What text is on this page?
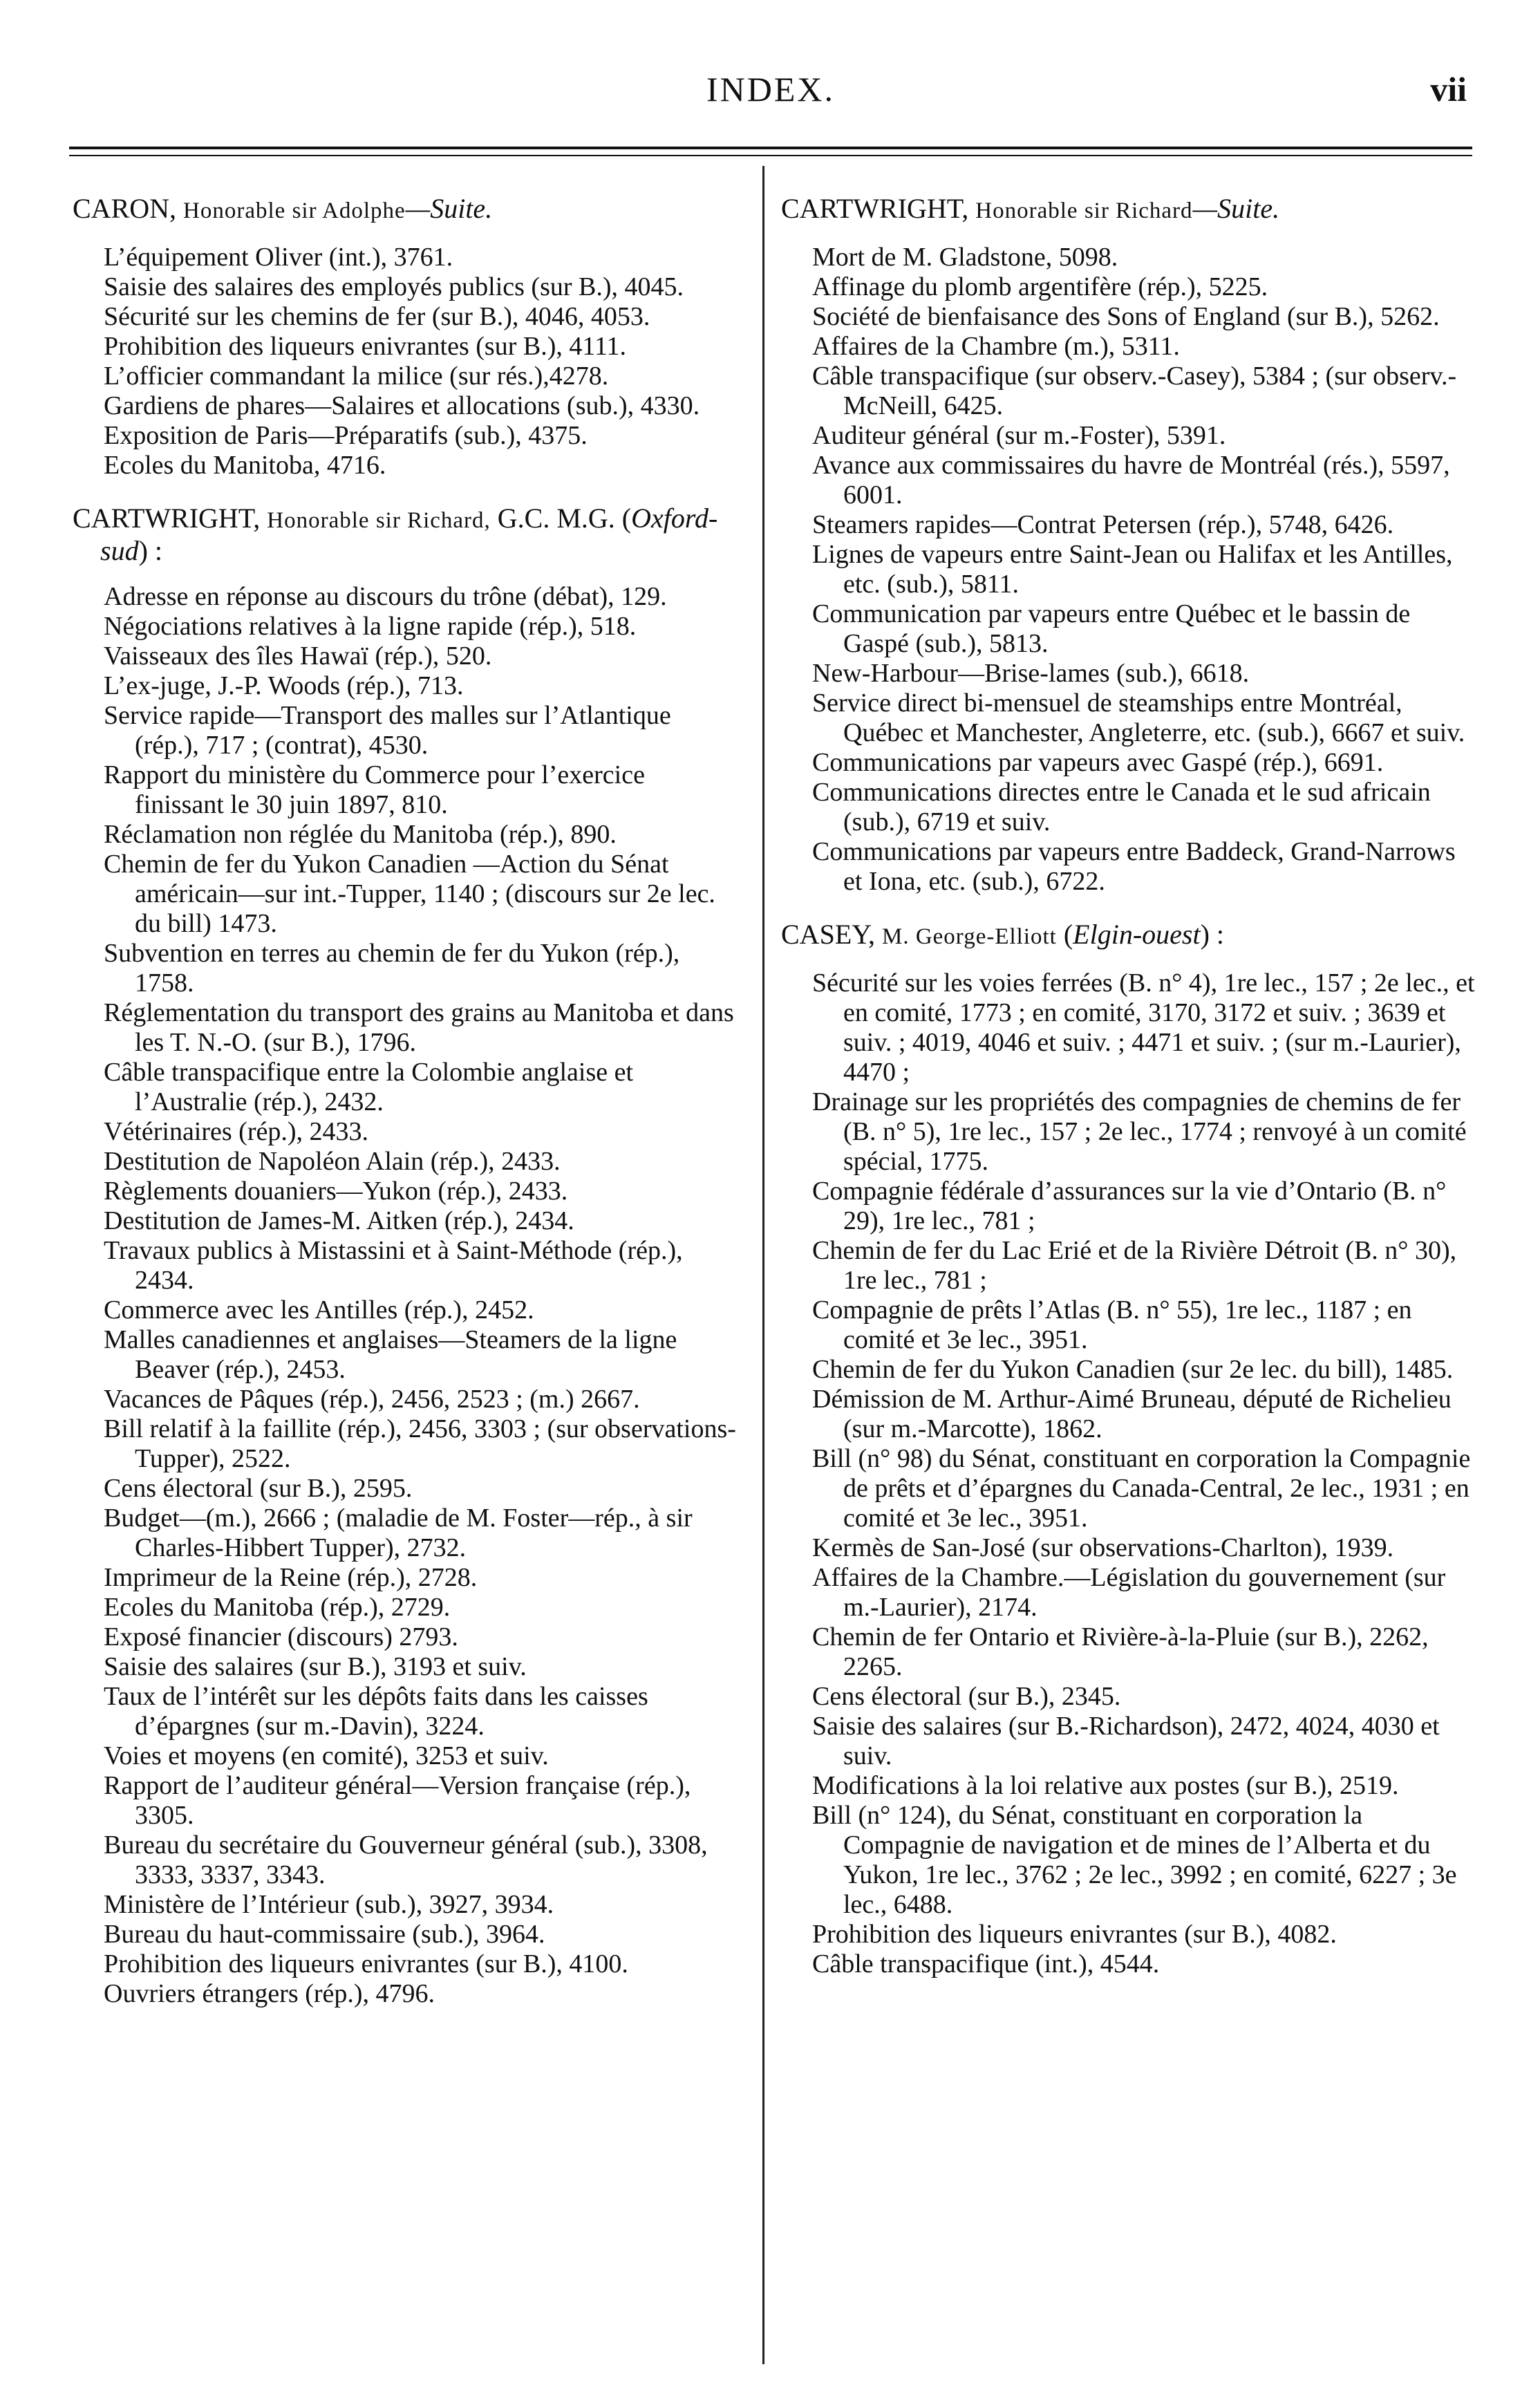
INDEX.	vii
CARON, Honorable sir Adolphe—Suite.

L’équipement Oliver (int.), 3761.

Saisie des salaires des employés publics (sur B.), 4045.

Sécurité sur les chemins de fer (sur B.), 4046, 4053.

Prohibition des liqueurs enivrantes (sur B.), 4111.

L’officier commandant la milice (sur rés.),4278.

Gardiens de phares—Salaires et allocations (sub.), 4330.

Exposition de Paris—Préparatifs (sub.), 4375.

Ecoles du Manitoba, 4716.

CARTWRIGHT, Honorable sir Richard, G.C. M.G. (Oxford-sud) :

Adresse en réponse au discours du trône (débat), 129.

Négociations relatives à la ligne rapide (rép.), 518.

Vaisseaux des îles Hawaï (rép.), 520.

L’ex-juge, J.-P. Woods (rép.), 713.

Service rapide—Transport des malles sur l’Atlantique (rép.), 717 ; (contrat), 4530.

Rapport du ministère du Commerce pour l’exercice finissant le 30 juin 1897, 810.

Réclamation non réglée du Manitoba (rép.), 890.

Chemin de fer du Yukon Canadien —Action du Sénat américain—sur int.-Tupper, 1140 ; (discours sur 2e lec. du bill) 1473.

Subvention en terres au chemin de fer du Yukon (rép.), 1758.

Réglementation du transport des grains au Manitoba et dans les T. N.-O. (sur B.), 1796.

Câble transpacifique entre la Colombie anglaise et l’Australie (rép.), 2432.

Vétérinaires (rép.), 2433.

Destitution de Napoléon Alain (rép.), 2433.

Règlements douaniers—Yukon (rép.), 2433.

Destitution de James-M. Aitken (rép.), 2434.

Travaux publics à Mistassini et à Saint-Méthode (rép.), 2434.

Commerce avec les Antilles (rép.), 2452.

Malles canadiennes et anglaises—Steamers de la ligne Beaver (rép.), 2453.

Vacances de Pâques (rép.), 2456, 2523 ; (m.) 2667.

Bill relatif à la faillite (rép.), 2456, 3303 ; (sur observations-Tupper), 2522.

Cens électoral (sur B.), 2595.

Budget—(m.), 2666 ; (maladie de M. Foster—rép., à sir Charles-Hibbert Tupper), 2732.

Imprimeur de la Reine (rép.), 2728.

Ecoles du Manitoba (rép.), 2729.

Exposé financier (discours) 2793.

Saisie des salaires (sur B.), 3193 et suiv.

Taux de l’intérêt sur les dépôts faits dans les caisses d’épargnes (sur m.-Davin), 3224.

Voies et moyens (en comité), 3253 et suiv.

Rapport de l’auditeur général—Version française (rép.), 3305.

Bureau du secrétaire du Gouverneur général (sub.), 3308, 3333, 3337, 3343.

Ministère de l’Intérieur (sub.), 3927, 3934.

Bureau du haut-commissaire (sub.), 3964.

Prohibition des liqueurs enivrantes (sur B.), 4100.

Ouvriers étrangers (rép.), 4796.

CARTWRIGHT, Honorable sir Richard—Suite.

Mort de M. Gladstone, 5098.

Affinage du plomb argentifère (rép.), 5225.

Société de bienfaisance des Sons of England (sur B.), 5262.

Affaires de la Chambre (m.), 5311.

Câble transpacifique (sur observ.-Casey), 5384 ; (sur observ.-McNeill, 6425.

Auditeur général (sur m.-Foster), 5391.

Avance aux commissaires du havre de Montréal (rés.), 5597, 6001.

Steamers rapides—Contrat Petersen (rép.), 5748, 6426.

Lignes de vapeurs entre Saint-Jean ou Halifax et les Antilles, etc. (sub.), 5811.

Communication par vapeurs entre Québec et le bassin de Gaspé (sub.), 5813.

New-Harbour—Brise-lames (sub.), 6618.

Service direct bi-mensuel de steamships entre Montréal, Québec et Manchester, Angleterre, etc. (sub.), 6667 et suiv.

Communications par vapeurs avec Gaspé (rép.), 6691.

Communications directes entre le Canada et le sud africain (sub.), 6719 et suiv.

Communications par vapeurs entre Baddeck, Grand-Narrows et Iona, etc. (sub.), 6722.

CASEY, M. George-Elliott (Elgin-ouest) :

Sécurité sur les voies ferrées (B. n° 4), 1re lec., 157 ; 2e lec., et en comité, 1773 ; en comité, 3170, 3172 et suiv. ; 3639 et suiv. ; 4019, 4046 et suiv. ; 4471 et suiv. ; (sur m.-Laurier), 4470 ;

Drainage sur les propriétés des compagnies de chemins de fer (B. n° 5), 1re lec., 157 ; 2e lec., 1774 ; renvoyé à un comité spécial, 1775.

Compagnie fédérale d’assurances sur la vie d’Ontario (B. n° 29), 1re lec., 781 ;

Chemin de fer du Lac Erié et de la Rivière Détroit (B. n° 30), 1re lec., 781 ;

Compagnie de prêts l’Atlas (B. n° 55), 1re lec., 1187 ; en comité et 3e lec., 3951.

Chemin de fer du Yukon Canadien (sur 2e lec. du bill), 1485.

Démission de M. Arthur-Aimé Bruneau, député de Richelieu (sur m.-Marcotte), 1862.

Bill (n° 98) du Sénat, constituant en corporation la Compagnie de prêts et d’épargnes du Canada-Central, 2e lec., 1931 ; en comité et 3e lec., 3951.

Kermès de San-José (sur observations-Charlton), 1939.

Affaires de la Chambre.—Législation du gouvernement (sur m.-Laurier), 2174.

Chemin de fer Ontario et Rivière-à-la-Pluie (sur B.), 2262, 2265.

Cens électoral (sur B.), 2345.

Saisie des salaires (sur B.-Richardson), 2472, 4024, 4030 et suiv.

Modifications à la loi relative aux postes (sur B.), 2519.

Bill (n° 124), du Sénat, constituant en corporation la Compagnie de navigation et de mines de l’Alberta et du Yukon, 1re lec., 3762 ; 2e lec., 3992 ; en comité, 6227 ; 3e lec., 6488.

Prohibition des liqueurs enivrantes (sur B.), 4082.

Câble transpacifique (int.), 4544.
